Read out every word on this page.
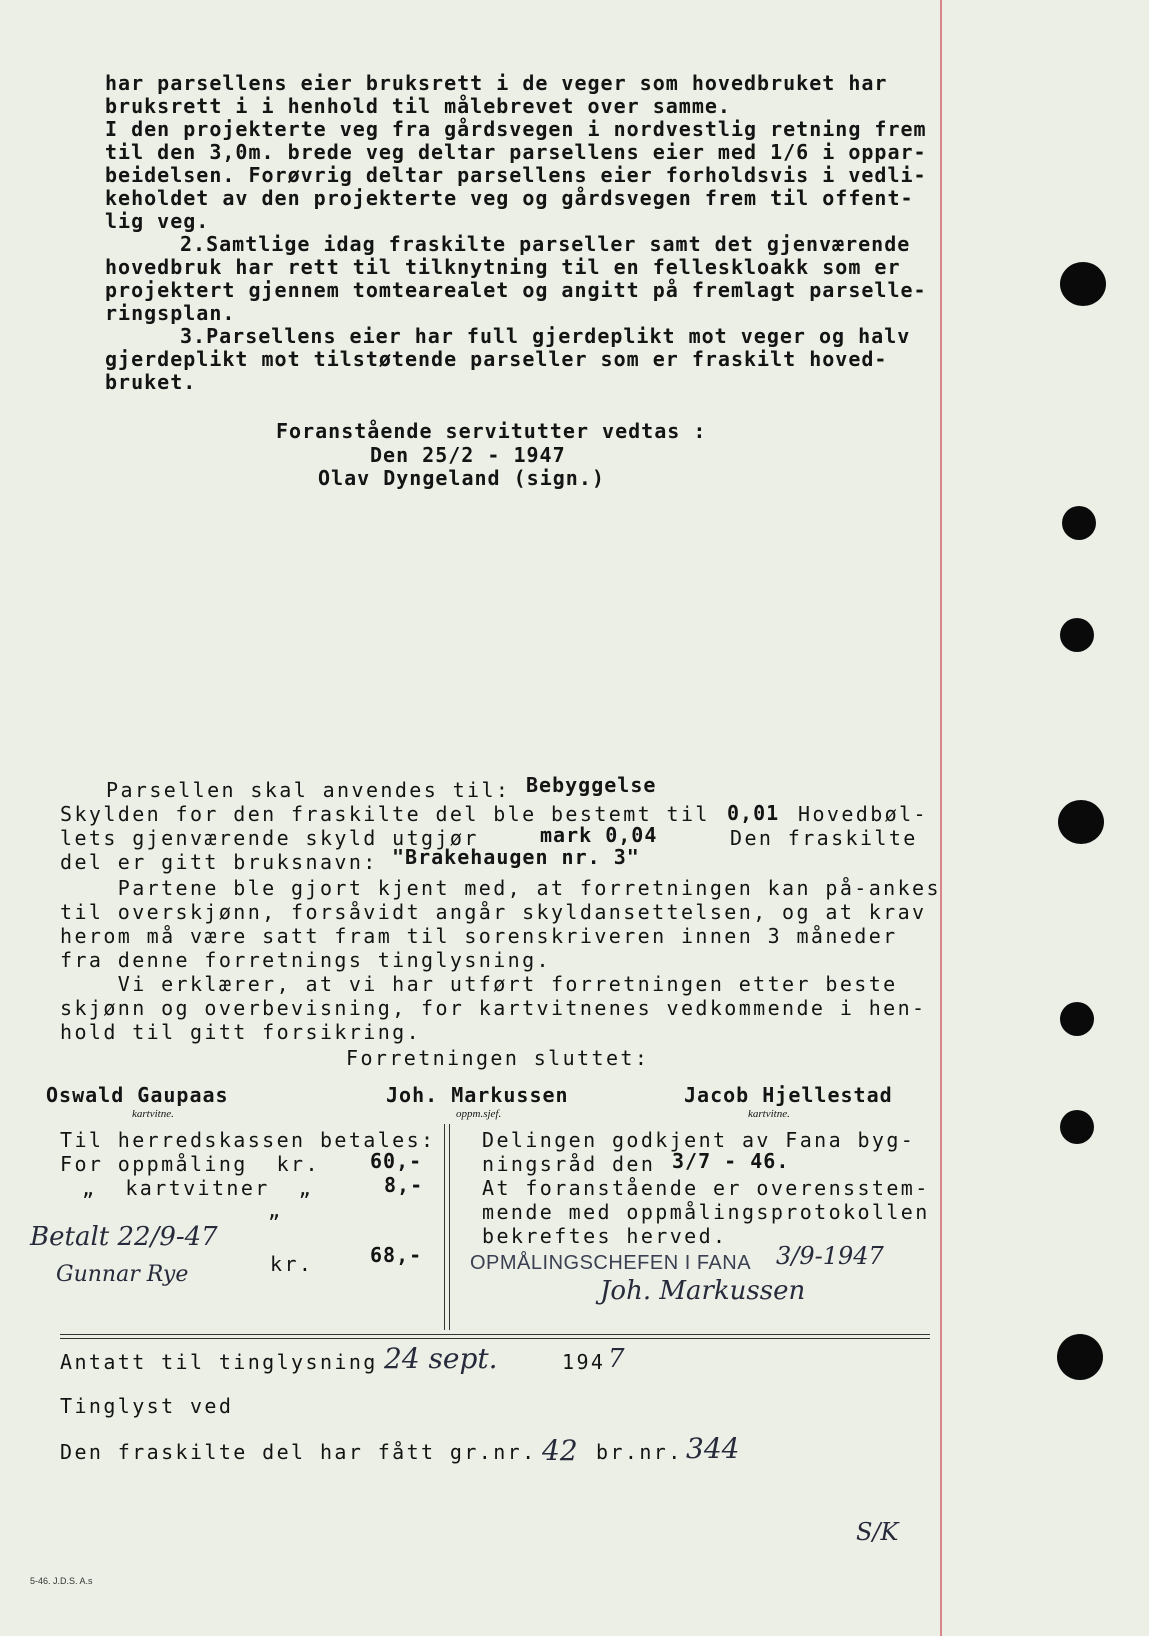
har parsellens eier bruksrett i de veger som hovedbruket har
bruksrett i i henhold til målebrevet over samme.
I den projekterte veg fra gårdsvegen i nordvestlig retning frem
til den 3,0m. brede veg deltar parsellens eier med 1/6 i oppar-
beidelsen. Forøvrig deltar parsellens eier forholdsvis i vedli-
keholdet av den projekterte veg og gårdsvegen frem til offent-
lig veg.
2.Samtlige idag fraskilte parseller samt det gjenværende
hovedbruk har rett til tilknytning til en felleskloakk som er
projektert gjennem tomtearealet og angitt på fremlagt parselle-
ringsplan.
3.Parsellens eier har full gjerdeplikt mot veger og halv
gjerdeplikt mot tilstøtende parseller som er fraskilt hoved-
bruket.
Foranstående servitutter vedtas :
Den 25/2 - 1947
Olav Dyngeland (sign.)
Parsellen skal anvendes til: Bebyggelse
Skylden for den fraskilte del ble bestemt til 0,01 Hovedbøl-
lets gjenværende skyld utgjør	mark 0,04	Den fraskilte
del er gitt bruksnavn: "Brakehaugen nr. 3"
Partene ble gjort kjent med, at forretningen kan på-ankes
til overskjønn, forsåvidt angår skyldansettelsen, og at krav
herom må være satt fram til sorenskriveren innen 3 måneder
fra denne forretnings tinglysning.
Vi erklærer, at vi har utført forretningen etter beste
skjønn og overbevisning, for kartvitnenes vedkommende i hen-
hold til gitt forsikring.
Forretningen sluttet:
Oswald Gaupaas
kartvitne.
Joh. Markussen
oppm.sjef.
Jacob Hjellestad
kartvitne.
Til herredskassen betales:
For oppmåling  kr.	60,-
„  kartvitner  „	8,-
„
Betalt 22/9-47
Gunnar Rye	kr.	68,-
Delingen godkjent av Fana byg-
ningsråd den 3/7 - 46.
At foranstående er overensstem-
mende med oppmålingsprotokollen
bekreftes herved.
OPMÅLINGSCHEFEN I FANA 3/9-1947
Joh. Markussen
Antatt til tinglysning 24 sept.	194 7
Tinglyst ved
Den fraskilte del har fått gr.nr. 42 br.nr. 344
S/K
5-46. J.D.S. A.s
